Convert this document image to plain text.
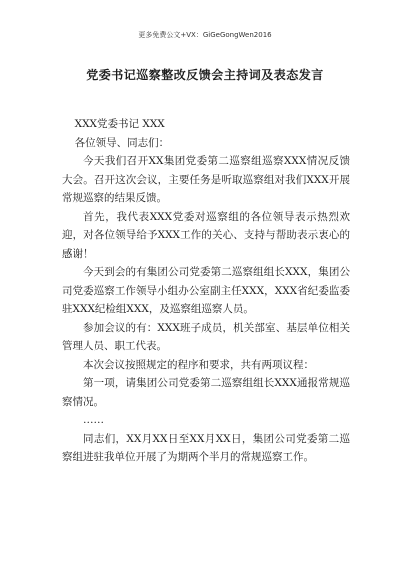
更多免费公文+VX：GiGeGongWen2016
党委书记巡察整改反馈会主持词及表态发言

XXX党委书记 XXX

各位领导、同志们：

今天我们召开XX集团党委第二巡察组巡察XXX情况反馈大会。召开这次会议，主要任务是听取巡察组对我们XXX开展常规巡察的结果反馈。

首先，我代表XXX党委对巡察组的各位领导表示热烈欢迎，对各位领导给予XXX工作的关心、支持与帮助表示衷心的感谢！

今天到会的有集团公司党委第二巡察组组长XXX，集团公司党委巡察工作领导小组办公室副主任XXX，XXX省纪委监委驻XXX纪检组XXX，及巡察组巡察人员。

参加会议的有：XXX班子成员，机关部室、基层单位相关管理人员、职工代表。

本次会议按照规定的程序和要求，共有两项议程：

第一项，请集团公司党委第二巡察组组长XXX通报常规巡察情况。

……

同志们，XX月XX日至XX月XX日，集团公司党委第二巡察组进驻我单位开展了为期两个半月的常规巡察工作。
